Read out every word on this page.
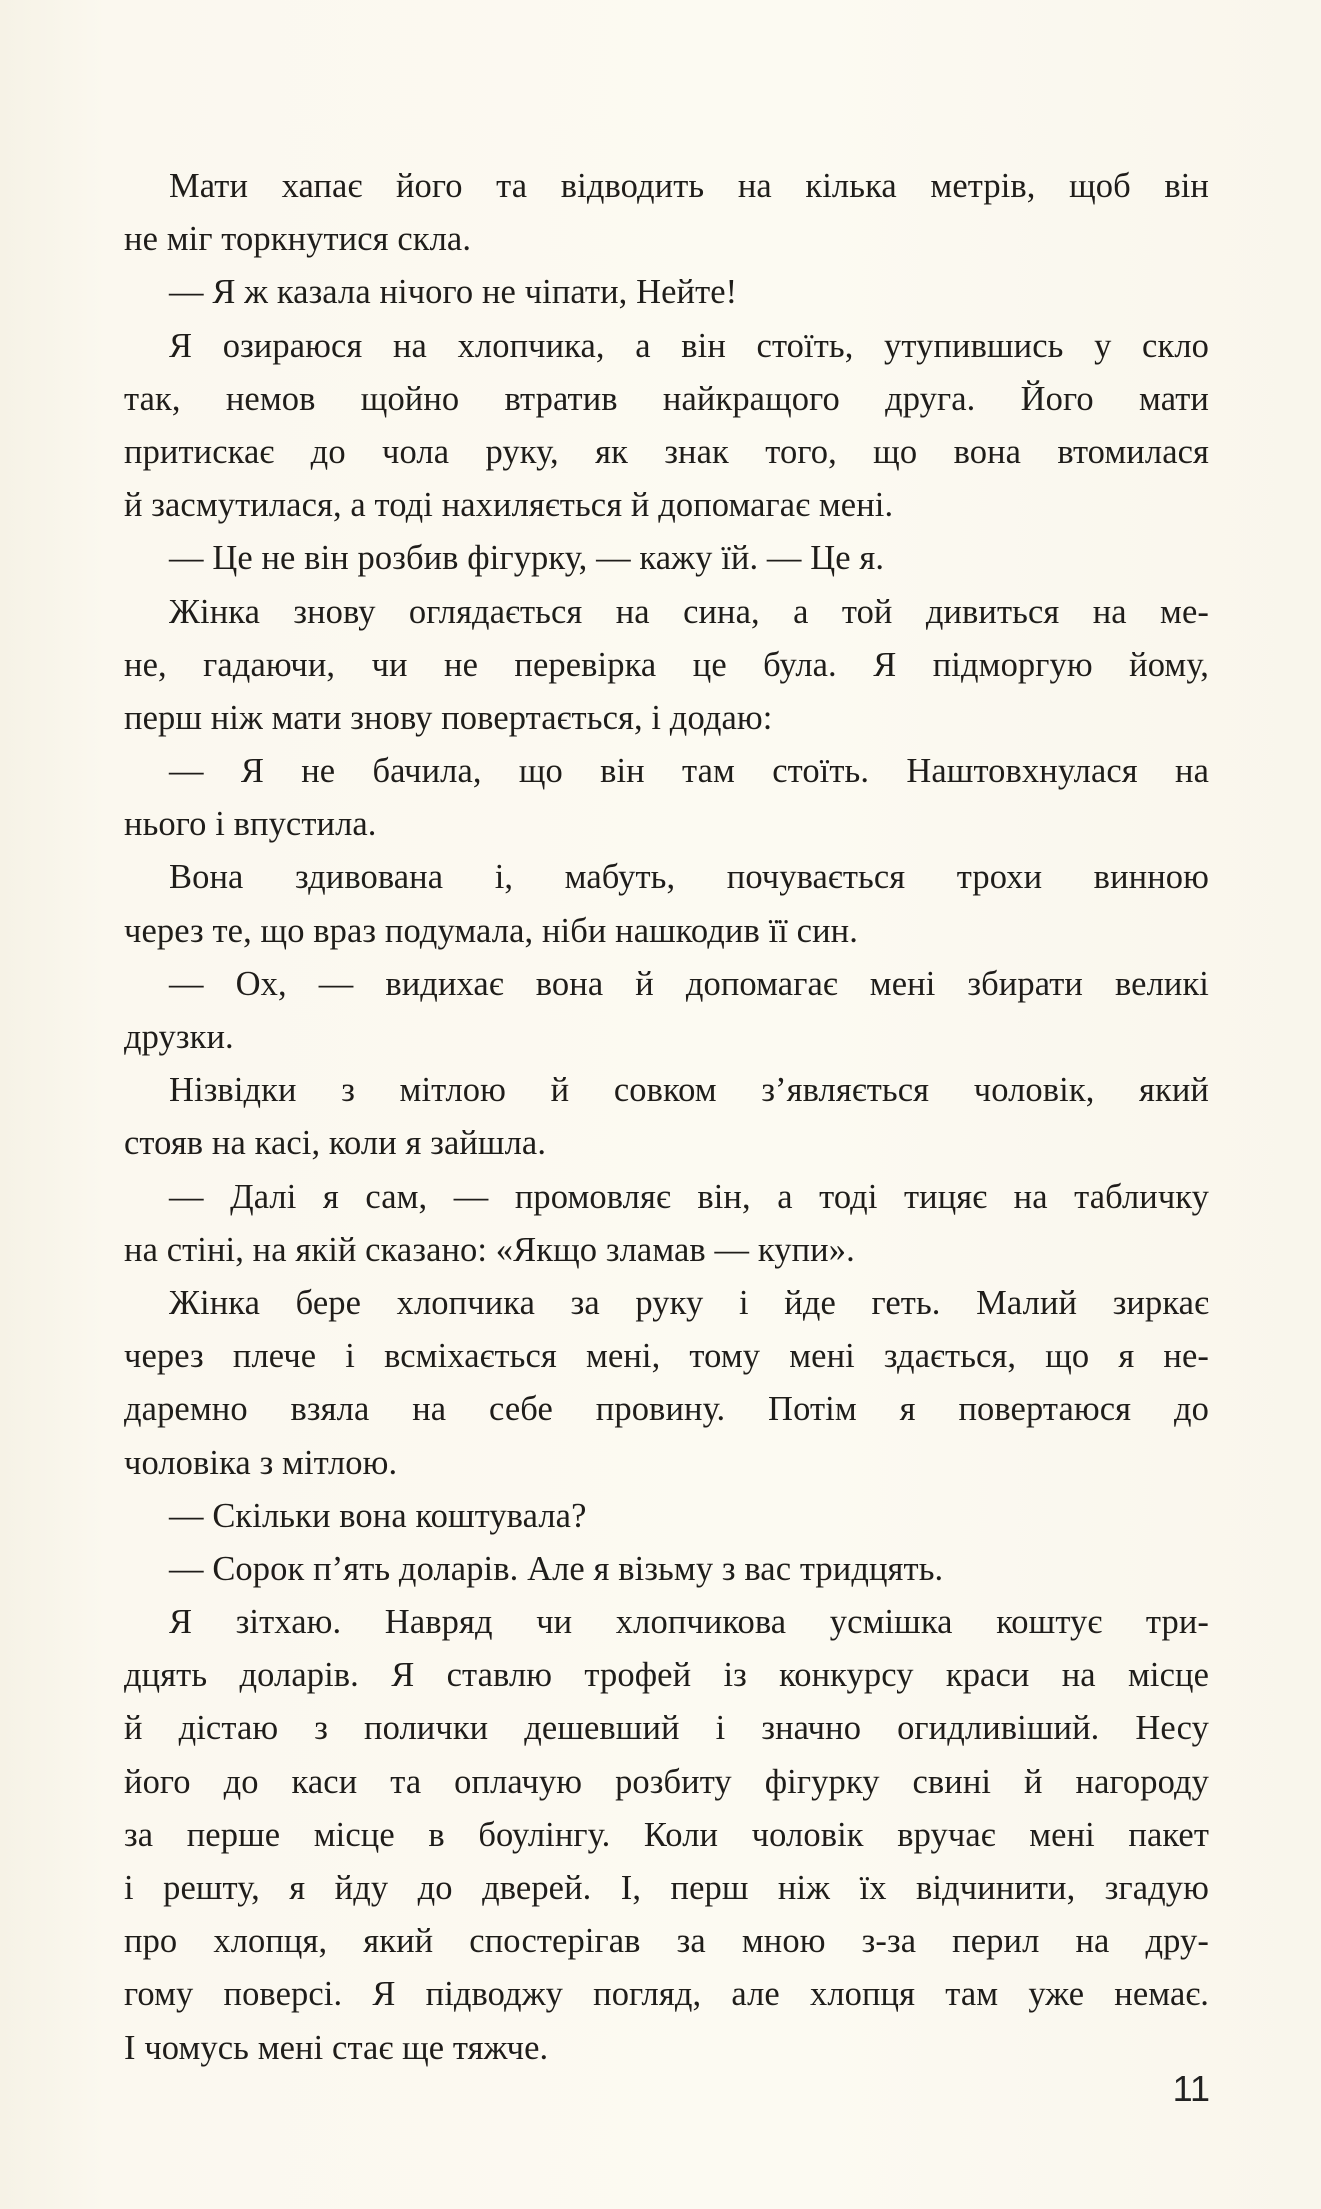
Мати хапає його та відводить на кілька метрів, щоб він
не міг торкнутися скла.
— Я ж казала нічого не чіпати, Нейте!
Я озираюся на хлопчика, а він стоїть, утупившись у скло
так, немов щойно втратив найкращого друга. Його мати
притискає до чола руку, як знак того, що вона втомилася
й засмутилася, а тоді нахиляється й допомагає мені.
— Це не він розбив фігурку, — кажу їй. — Це я.
Жінка знову оглядається на сина, а той дивиться на ме-
не, гадаючи, чи не перевірка це була. Я підморгую йому,
перш ніж мати знову повертається, і додаю:
— Я не бачила, що він там стоїть. Наштовхнулася на
нього і впустила.
Вона здивована і, мабуть, почувається трохи винною
через те, що враз подумала, ніби нашкодив її син.
— Ох, — видихає вона й допомагає мені збирати великі
друзки.
Нізвідки з мітлою й совком з’являється чоловік, який
стояв на касі, коли я зайшла.
— Далі я сам, — промовляє він, а тоді тицяє на табличку
на стіні, на якій сказано: «Якщо зламав — купи».
Жінка бере хлопчика за руку і йде геть. Малий зиркає
через плече і всміхається мені, тому мені здається, що я не-
даремно взяла на себе провину. Потім я повертаюся до
чоловіка з мітлою.
— Скільки вона коштувала?
— Сорок п’ять доларів. Але я візьму з вас тридцять.
Я зітхаю. Навряд чи хлопчикова усмішка коштує три-
дцять доларів. Я ставлю трофей із конкурсу краси на місце
й дістаю з полички дешевший і значно огидливіший. Несу
його до каси та оплачую розбиту фігурку свині й нагороду
за перше місце в боулінгу. Коли чоловік вручає мені пакет
і решту, я йду до дверей. І, перш ніж їх відчинити, згадую
про хлопця, який спостерігав за мною з-за перил на дру-
гому поверсі. Я підводжу погляд, але хлопця там уже немає.
І чомусь мені стає ще тяжче.
11
